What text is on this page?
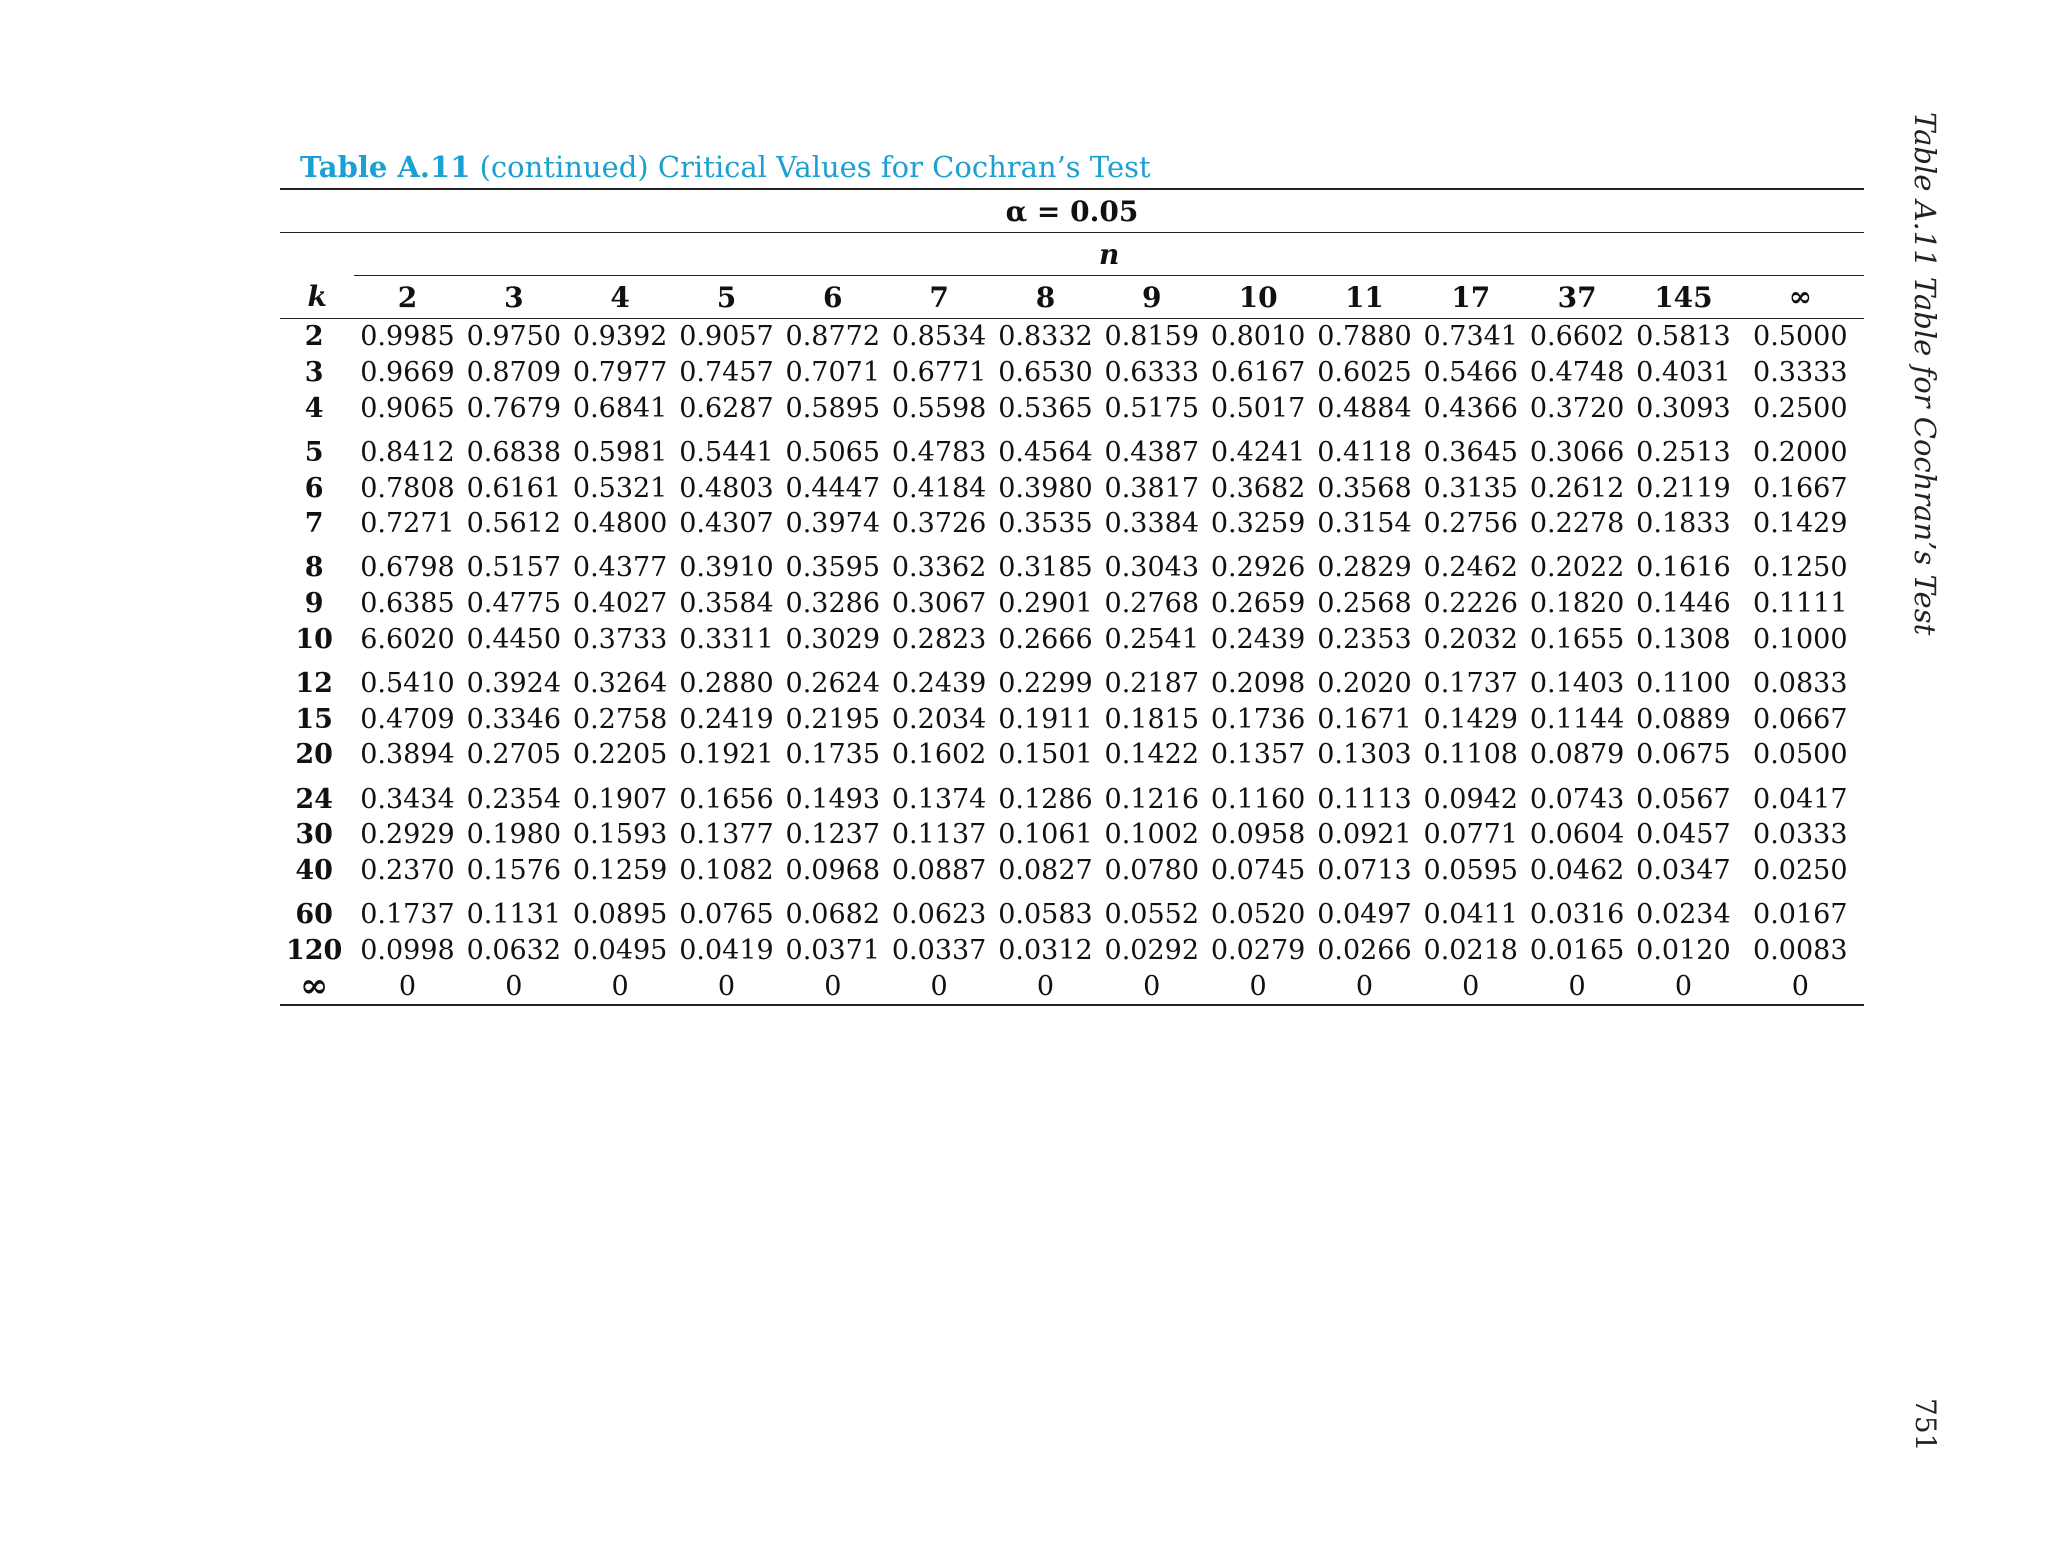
Table A.11 (continued) Critical Values for Cochran’s Test
α = 0.05														
	n													
k	2	3	4	5	6	7	8	9	10	11	17	37	145	∞
2	0.9985	0.9750	0.9392	0.9057	0.8772	0.8534	0.8332	0.8159	0.8010	0.7880	0.7341	0.6602	0.5813	0.5000
3	0.9669	0.8709	0.7977	0.7457	0.7071	0.6771	0.6530	0.6333	0.6167	0.6025	0.5466	0.4748	0.4031	0.3333
4	0.9065	0.7679	0.6841	0.6287	0.5895	0.5598	0.5365	0.5175	0.5017	0.4884	0.4366	0.3720	0.3093	0.2500
5	0.8412	0.6838	0.5981	0.5441	0.5065	0.4783	0.4564	0.4387	0.4241	0.4118	0.3645	0.3066	0.2513	0.2000
6	0.7808	0.6161	0.5321	0.4803	0.4447	0.4184	0.3980	0.3817	0.3682	0.3568	0.3135	0.2612	0.2119	0.1667
7	0.7271	0.5612	0.4800	0.4307	0.3974	0.3726	0.3535	0.3384	0.3259	0.3154	0.2756	0.2278	0.1833	0.1429
8	0.6798	0.5157	0.4377	0.3910	0.3595	0.3362	0.3185	0.3043	0.2926	0.2829	0.2462	0.2022	0.1616	0.1250
9	0.6385	0.4775	0.4027	0.3584	0.3286	0.3067	0.2901	0.2768	0.2659	0.2568	0.2226	0.1820	0.1446	0.1111
10	6.6020	0.4450	0.3733	0.3311	0.3029	0.2823	0.2666	0.2541	0.2439	0.2353	0.2032	0.1655	0.1308	0.1000
12	0.5410	0.3924	0.3264	0.2880	0.2624	0.2439	0.2299	0.2187	0.2098	0.2020	0.1737	0.1403	0.1100	0.0833
15	0.4709	0.3346	0.2758	0.2419	0.2195	0.2034	0.1911	0.1815	0.1736	0.1671	0.1429	0.1144	0.0889	0.0667
20	0.3894	0.2705	0.2205	0.1921	0.1735	0.1602	0.1501	0.1422	0.1357	0.1303	0.1108	0.0879	0.0675	0.0500
24	0.3434	0.2354	0.1907	0.1656	0.1493	0.1374	0.1286	0.1216	0.1160	0.1113	0.0942	0.0743	0.0567	0.0417
30	0.2929	0.1980	0.1593	0.1377	0.1237	0.1137	0.1061	0.1002	0.0958	0.0921	0.0771	0.0604	0.0457	0.0333
40	0.2370	0.1576	0.1259	0.1082	0.0968	0.0887	0.0827	0.0780	0.0745	0.0713	0.0595	0.0462	0.0347	0.0250
60	0.1737	0.1131	0.0895	0.0765	0.0682	0.0623	0.0583	0.0552	0.0520	0.0497	0.0411	0.0316	0.0234	0.0167
120	0.0998	0.0632	0.0495	0.0419	0.0371	0.0337	0.0312	0.0292	0.0279	0.0266	0.0218	0.0165	0.0120	0.0083
∞	0	0	0	0	0	0	0	0	0	0	0	0	0	0
Table A.11 Table for Cochran’s Test
751
